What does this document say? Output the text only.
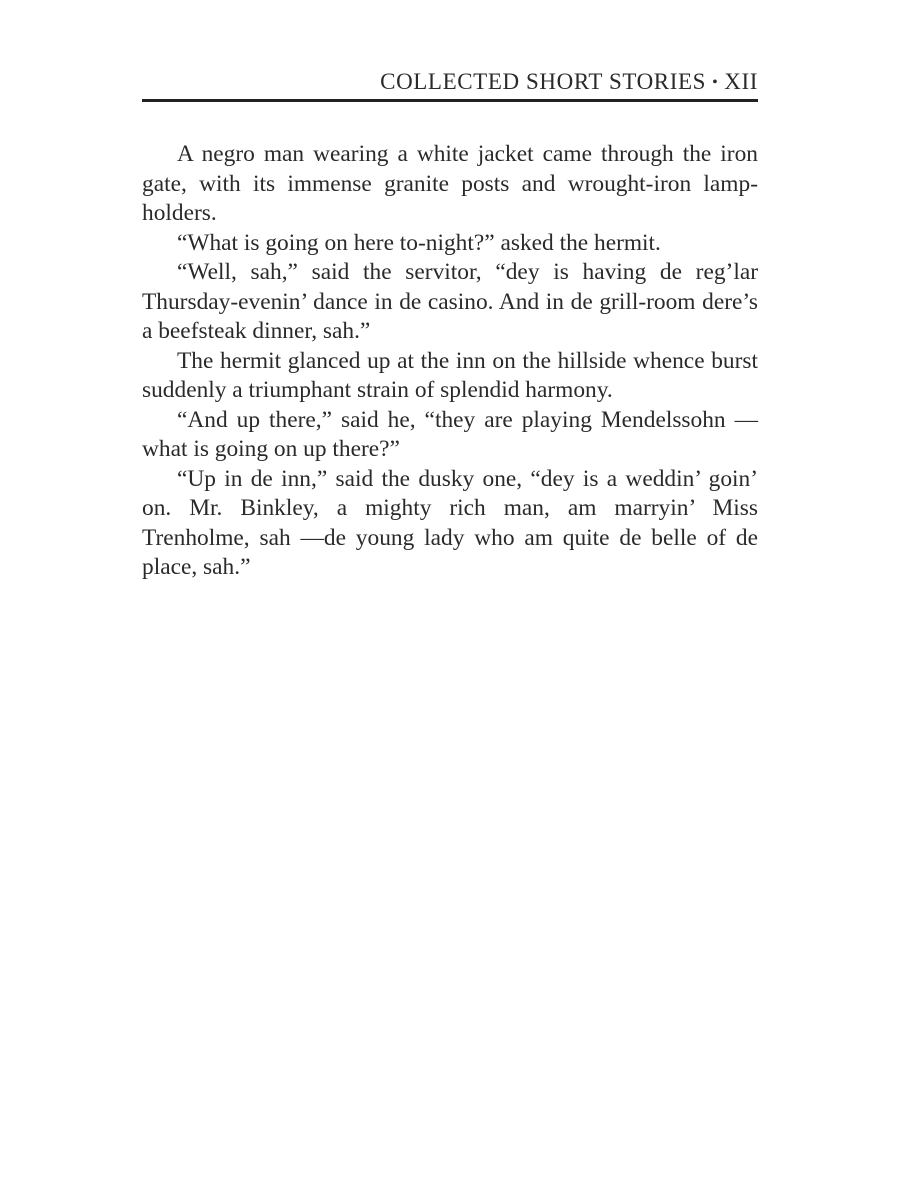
COLLECTED SHORT STORIES • XII

A negro man wearing a white jacket came through the iron gate, with its immense granite posts and wrought-iron lamp-holders.

“What is going on here to-night?” asked the hermit.

“Well, sah,” said the servitor, “dey is having de reg’lar Thursday-evenin’ dance in de casino. And in de grill-room dere’s a beefsteak dinner, sah.”

The hermit glanced up at the inn on the hillside whence burst suddenly a triumphant strain of splendid harmony.

“And up there,” said he, “they are playing Mendelssohn — what is going on up there?”

“Up in de inn,” said the dusky one, “dey is a weddin’ goin’ on. Mr. Binkley, a mighty rich man, am marryin’ Miss Trenholme, sah —de young lady who am quite de belle of de place, sah.”
